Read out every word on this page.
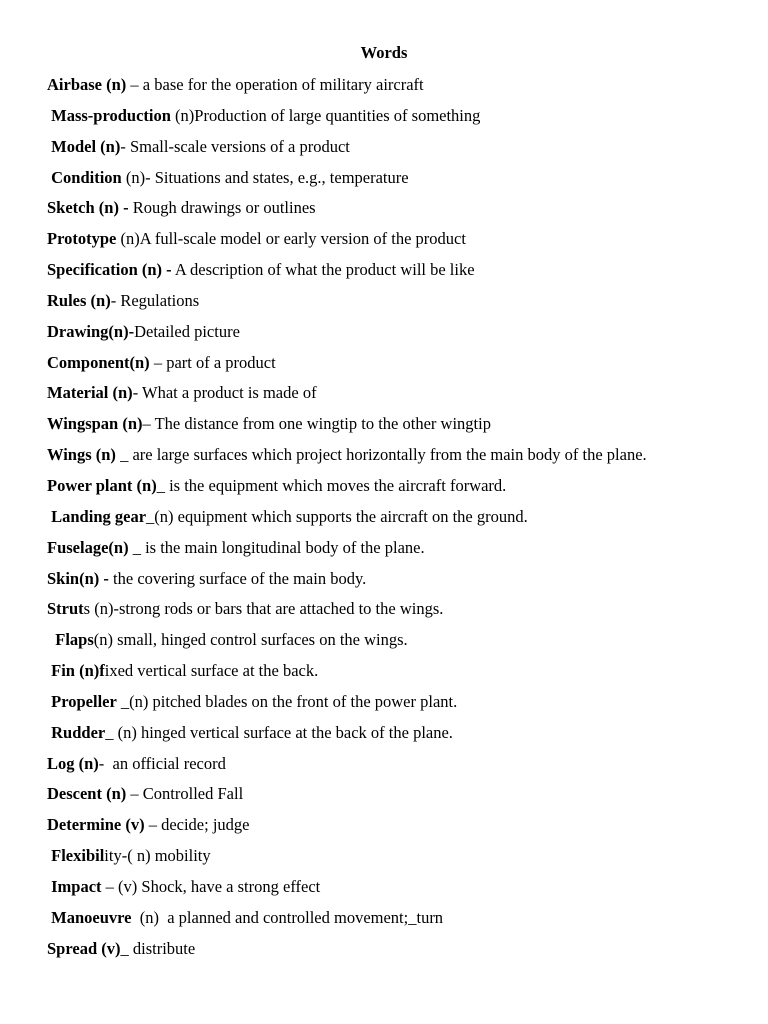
Words
Airbase (n) – a base for the operation of military aircraft
Mass-production (n)Production of large quantities of something
Model (n)- Small-scale versions of a product
Condition (n)- Situations and states, e.g., temperature
Sketch (n) - Rough drawings or outlines
Prototype (n)A full-scale model or early version of the product
Specification (n) - A description of what the product will be like
Rules (n)- Regulations
Drawing(n)-Detailed picture
Component(n) – part of a product
Material (n)- What a product is made of
Wingspan (n)– The distance from one wingtip to the other wingtip
Wings (n) _ are large surfaces which project horizontally from the main body of the plane.
Power plant (n)_ is the equipment which moves the aircraft forward.
Landing gear_(n) equipment which supports the aircraft on the ground.
Fuselage(n) _ is the main longitudinal body of the plane.
Skin(n) - the covering surface of the main body.
Struts (n)-strong rods or bars that are attached to the wings.
Flaps(n) small, hinged control surfaces on the wings.
Fin (n)fixed vertical surface at the back.
Propeller _(n) pitched blades on the front of the power plant.
Rudder_ (n) hinged vertical surface at the back of the plane.
Log (n)-  an official record
Descent (n) – Controlled Fall
Determine (v) – decide; judge
Flexibility-( n) mobility
Impact – (v) Shock, have a strong effect
Manoeuvre  (n)  a planned and controlled movement;_turn
Spread (v)_ distribute
